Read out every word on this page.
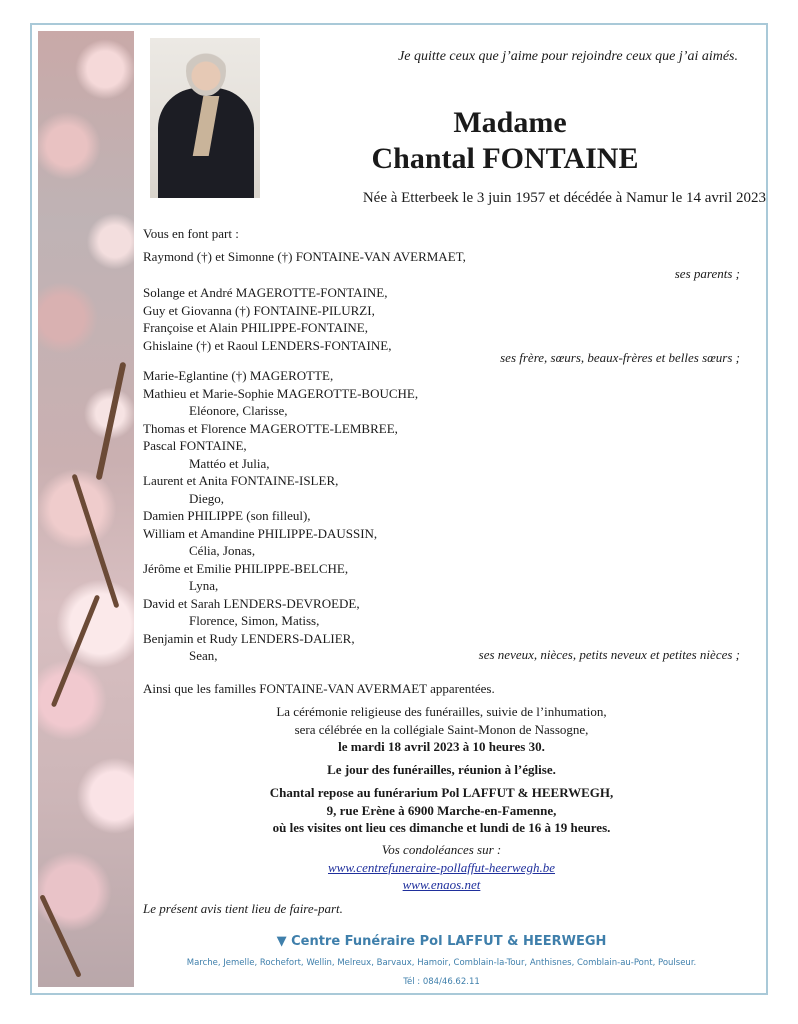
Je quitte ceux que j’aime pour rejoindre ceux que j’ai aimés.
Madame
Chantal FONTAINE
Née à Etterbeek le 3 juin 1957 et décédée à Namur le 14 avril 2023
Vous en font part :
Raymond (†) et Simonne (†) FONTAINE-VAN AVERMAET,
ses parents ;
Solange et André MAGEROTTE-FONTAINE,
Guy et Giovanna (†) FONTAINE-PILURZI,
Françoise et Alain PHILIPPE-FONTAINE,
Ghislaine (†) et Raoul LENDERS-FONTAINE,
ses frère, sœurs, beaux-frères et belles sœurs ;
Marie-Eglantine (†) MAGEROTTE,
Mathieu et Marie-Sophie MAGEROTTE-BOUCHE,
Eléonore, Clarisse,
Thomas et Florence MAGEROTTE-LEMBREE,
Pascal FONTAINE,
Mattéo et Julia,
Laurent et Anita FONTAINE-ISLER,
Diego,
Damien PHILIPPE (son filleul),
William et Amandine PHILIPPE-DAUSSIN,
Célia, Jonas,
Jérôme et Emilie PHILIPPE-BELCHE,
Lyna,
David et Sarah LENDERS-DEVROEDE,
Florence, Simon, Matiss,
Benjamin et Rudy LENDERS-DALIER,
Sean,	ses neveux, nièces, petits neveux et petites nièces ;
Ainsi que les familles FONTAINE-VAN AVERMAET apparentées.
La cérémonie religieuse des funérailles, suivie de l’inhumation,
sera célébrée en la collégiale Saint-Monon de Nassogne,
le mardi 18 avril 2023 à 10 heures 30.
Le jour des funérailles, réunion à l’église.
Chantal repose au funérarium Pol LAFFUT & HEERWEGH,
9, rue Erène à 6900 Marche-en-Famenne,
où les visites ont lieu ces dimanche et lundi de 16 à 19 heures.
Vos condoléances sur :
www.centrefuneraire-pollaffut-heerwegh.be
www.enaos.net
Le présent avis tient lieu de faire-part.
▼ Centre Funéraire Pol LAFFUT & HEERWEGH
Marche, Jemelle, Rochefort, Wellin, Melreux, Barvaux, Hamoir, Comblain-la-Tour, Anthisnes, Comblain-au-Pont, Poulseur.
Tél : 084/46.62.11
